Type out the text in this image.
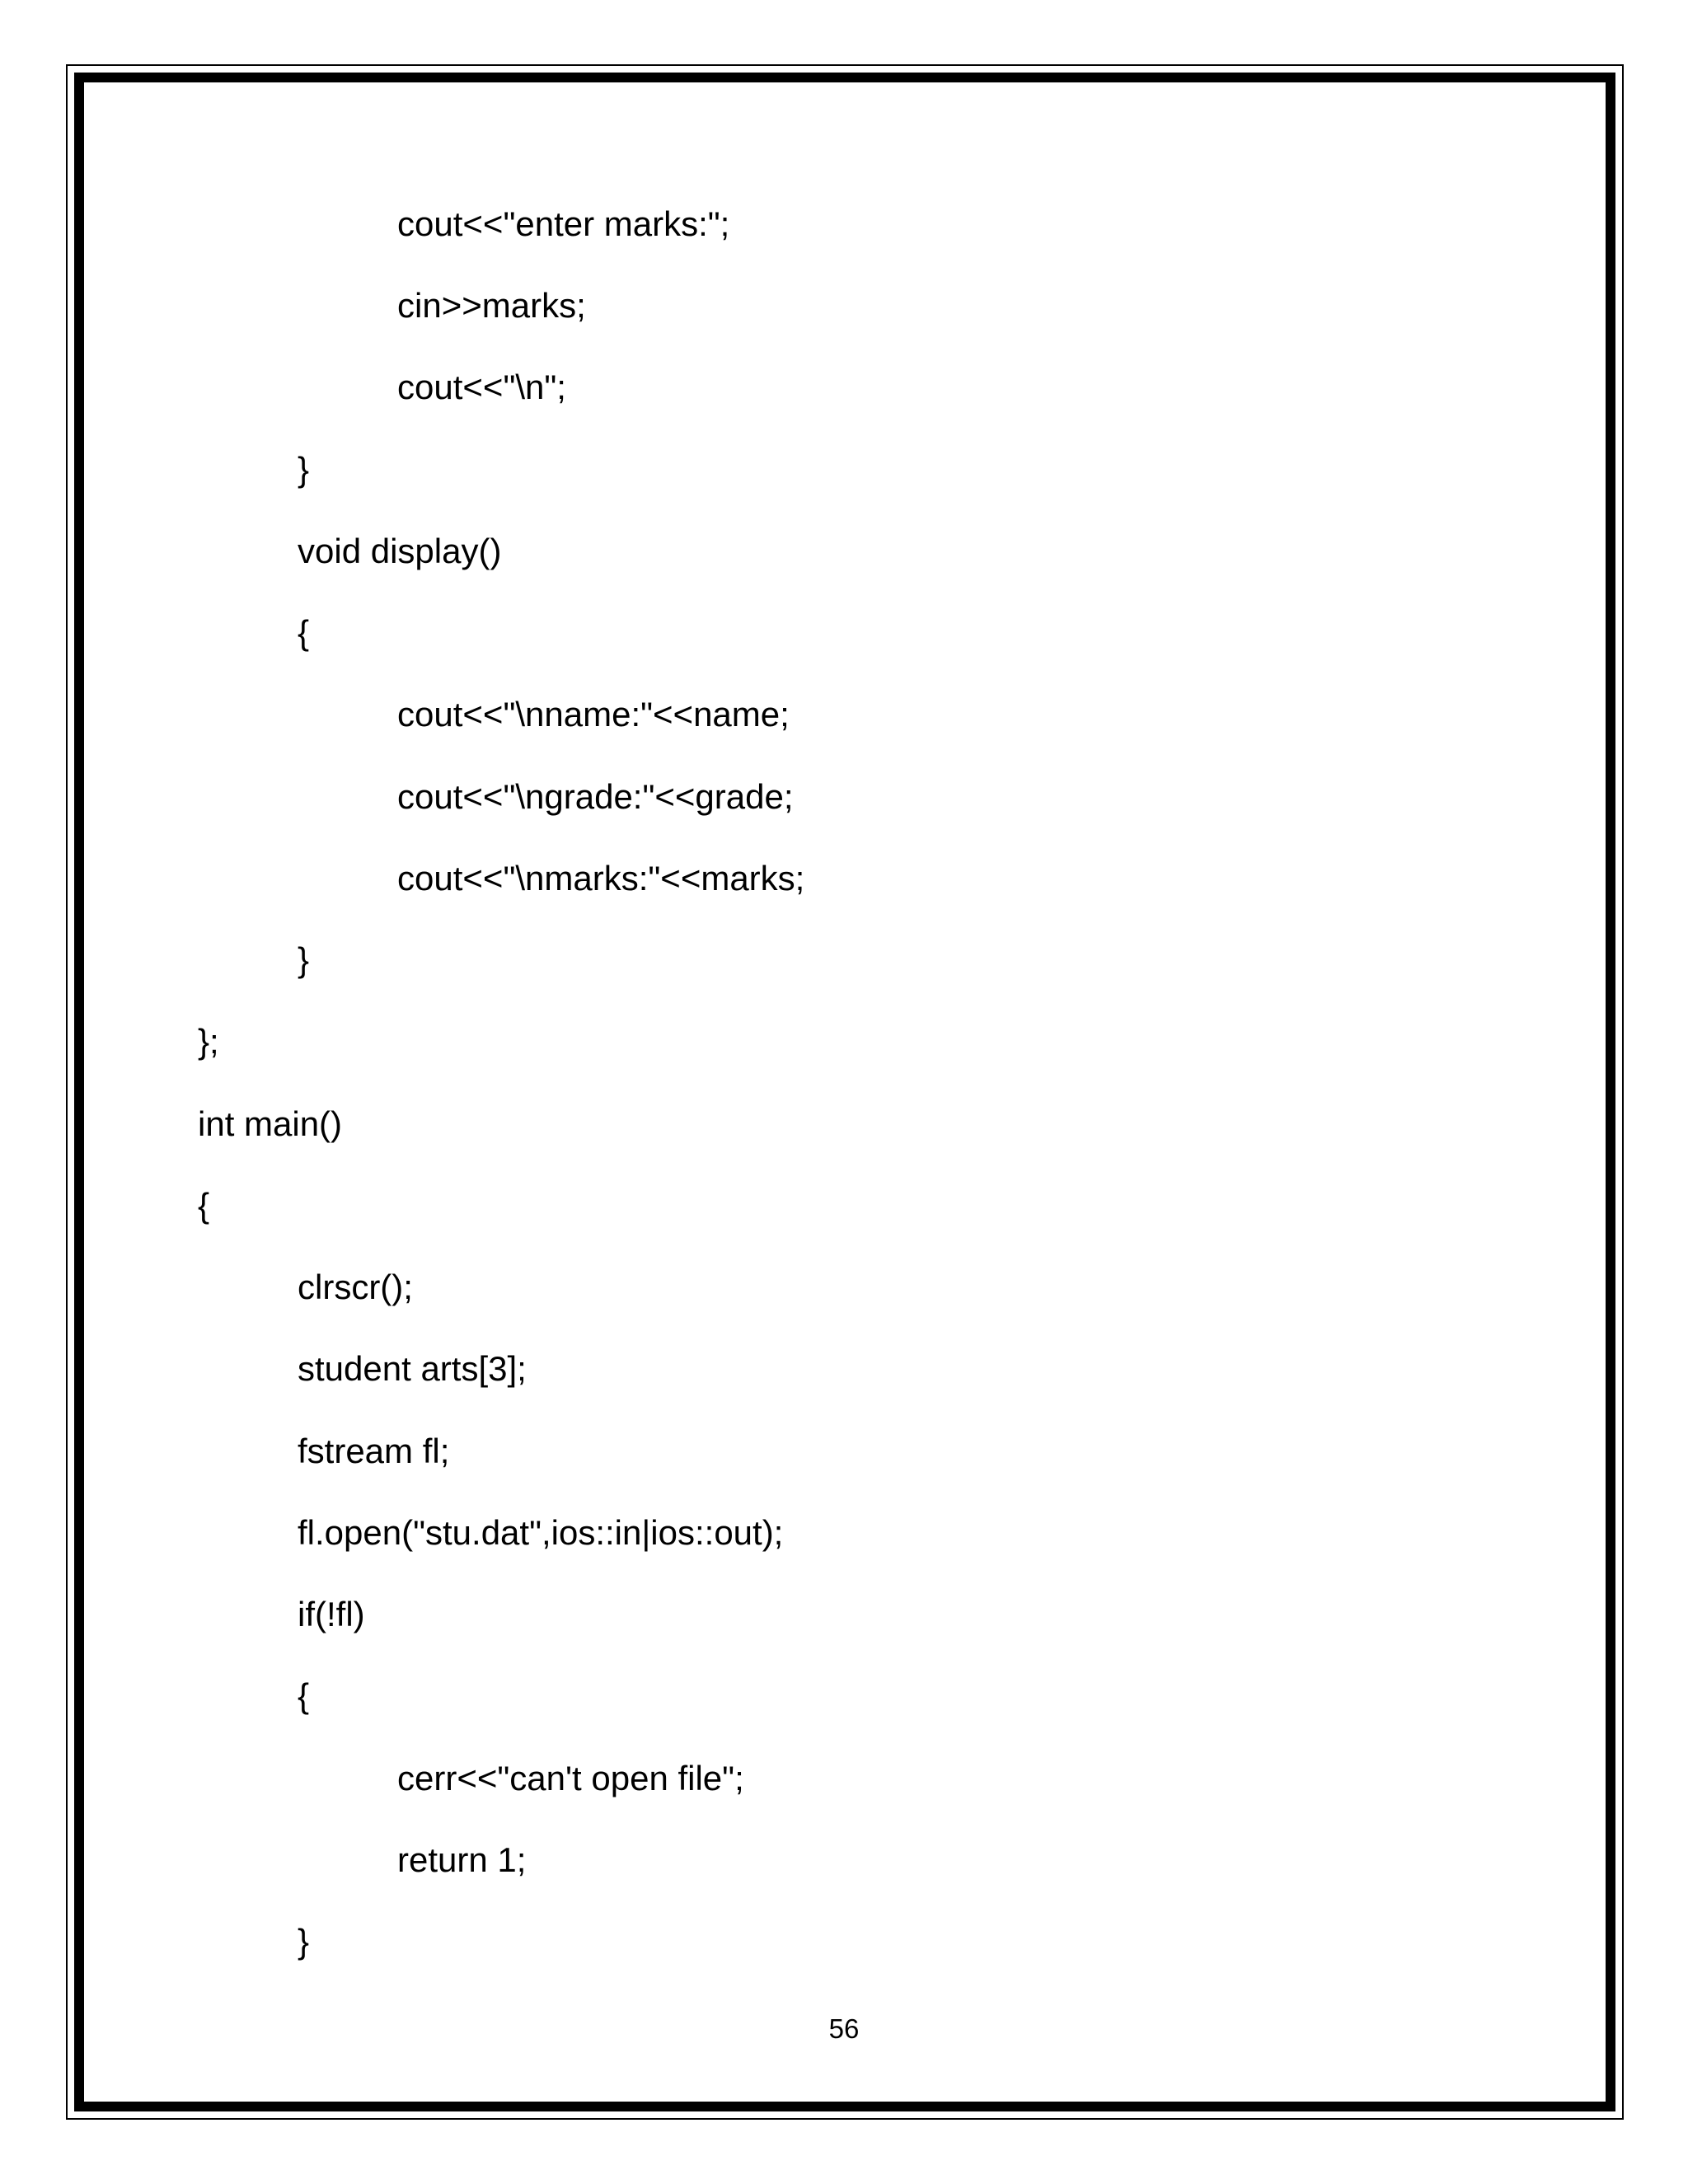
cout<<"enter marks:";
cin>>marks;
cout<<"\n";
}
void display()
{
cout<<"\nname:"<<name;
cout<<"\ngrade:"<<grade;
cout<<"\nmarks:"<<marks;
}
};
int main()
{
clrscr();
student arts[3];
fstream fl;
fl.open("stu.dat",ios::in|ios::out);
if(!fl)
{
cerr<<"can't open file";
return 1;
}
56
